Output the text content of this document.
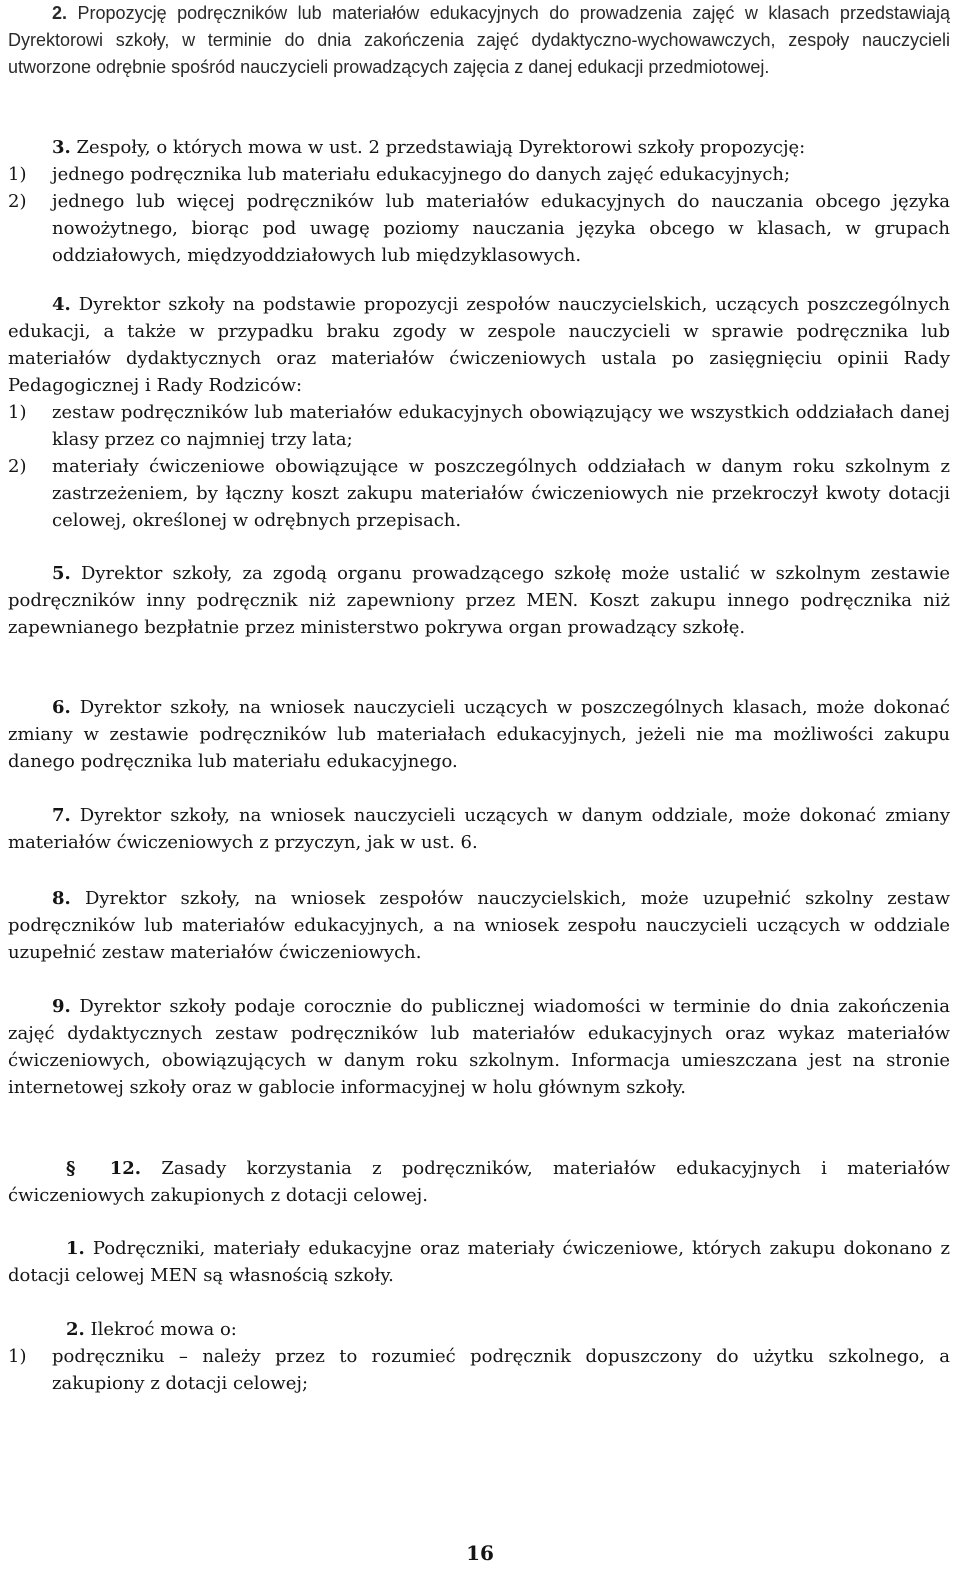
2. Propozycję podręczników lub materiałów edukacyjnych do prowadzenia zajęć w klasach przedstawiają Dyrektorowi szkoły, w terminie do dnia zakończenia zajęć dydaktyczno-wychowawczych, zespoły nauczycieli utworzone odrębnie spośród nauczycieli prowadzących zajęcia z danej edukacji przedmiotowej.
3. Zespoły, o których mowa w ust. 2 przedstawiają Dyrektorowi szkoły propozycję:
1) jednego podręcznika lub materiału edukacyjnego do danych zajęć edukacyjnych;
2) jednego lub więcej podręczników lub materiałów edukacyjnych do nauczania obcego języka nowożytnego, biorąc pod uwagę poziomy nauczania języka obcego w klasach, w grupach oddziałowych, międzyoddziałowych lub międzyklasowych.
4. Dyrektor szkoły na podstawie propozycji zespołów nauczycielskich, uczących poszczególnych edukacji, a także w przypadku braku zgody w zespole nauczycieli w sprawie podręcznika lub materiałów dydaktycznych oraz materiałów ćwiczeniowych ustala po zasięgnięciu opinii Rady Pedagogicznej i Rady Rodziców:
1) zestaw podręczników lub materiałów edukacyjnych obowiązujący we wszystkich oddziałach danej klasy przez co najmniej trzy lata;
2) materiały ćwiczeniowe obowiązujące w poszczególnych oddziałach w danym roku szkolnym z zastrzeżeniem, by łączny koszt zakupu materiałów ćwiczeniowych nie przekroczył kwoty dotacji celowej, określonej w odrębnych przepisach.
5. Dyrektor szkoły, za zgodą organu prowadzącego szkołę może ustalić w szkolnym zestawie podręczników inny podręcznik niż zapewniony przez MEN. Koszt zakupu innego podręcznika niż zapewnianego bezpłatnie przez ministerstwo pokrywa organ prowadzący szkołę.
6. Dyrektor szkoły, na wniosek nauczycieli uczących w poszczególnych klasach, może dokonać zmiany w zestawie podręczników lub materiałach edukacyjnych, jeżeli nie ma możliwości zakupu danego podręcznika lub materiału edukacyjnego.
7. Dyrektor szkoły, na wniosek nauczycieli uczących w danym oddziale, może dokonać zmiany materiałów ćwiczeniowych z przyczyn, jak w ust. 6.
8. Dyrektor szkoły, na wniosek zespołów nauczycielskich, może uzupełnić szkolny zestaw podręczników lub materiałów edukacyjnych, a na wniosek zespołu nauczycieli uczących w oddziale uzupełnić zestaw materiałów ćwiczeniowych.
9. Dyrektor szkoły podaje corocznie do publicznej wiadomości w terminie do dnia zakończenia zajęć dydaktycznych zestaw podręczników lub materiałów edukacyjnych oraz wykaz materiałów ćwiczeniowych, obowiązujących w danym roku szkolnym. Informacja umieszczana jest na stronie internetowej szkoły oraz w gablocie informacyjnej w holu głównym szkoły.
§ 12. Zasady korzystania z podręczników, materiałów edukacyjnych i materiałów ćwiczeniowych zakupionych z dotacji celowej.
1. Podręczniki, materiały edukacyjne oraz materiały ćwiczeniowe, których zakupu dokonano z dotacji celowej MEN są własnością szkoły.
2. Ilekroć mowa o:
1) podręczniku – należy przez to rozumieć podręcznik dopuszczony do użytku szkolnego, a zakupiony z dotacji celowej;
16
